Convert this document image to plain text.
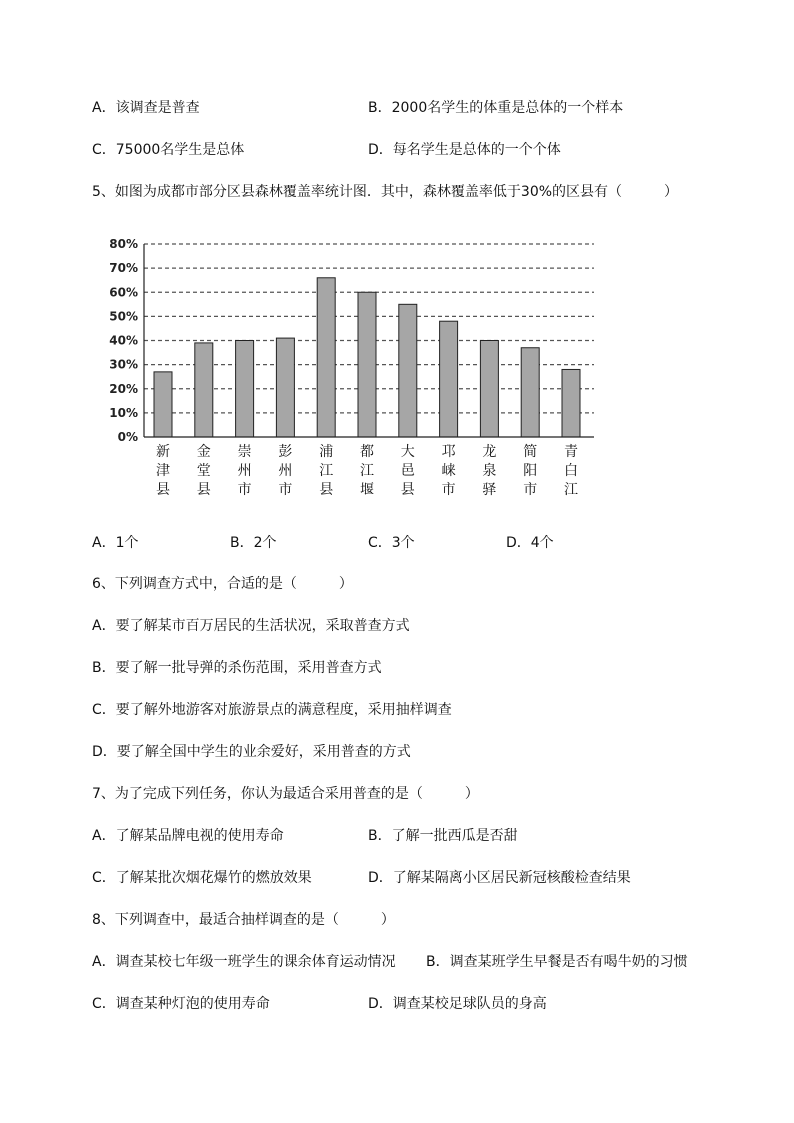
A．该调查是普查	B．2000名学生的体重是总体的一个样本
C．75000名学生是总体	D．每名学生是总体的一个个体
5、如图为成都市部分区县森林覆盖率统计图．其中，森林覆盖率低于30%的区县有（　　　）
0%
10%
20%
30%
40%
50%
60%
70%
80%
新津县
金堂县
崇州市
彭州市
浦江县
都江堰
大邑县
邛崃市
龙泉驿
简阳市
青白江
A．1个	B．2个	C．3个	D．4个
6、下列调查方式中，合适的是（　　　）
A．要了解某市百万居民的生活状况，采取普查方式
B．要了解一批导弹的杀伤范围，采用普查方式
C．要了解外地游客对旅游景点的满意程度，采用抽样调查
D．要了解全国中学生的业余爱好，采用普查的方式
7、为了完成下列任务，你认为最适合采用普查的是（　　　）
A．了解某品牌电视的使用寿命	B．了解一批西瓜是否甜
C．了解某批次烟花爆竹的燃放效果	D．了解某隔离小区居民新冠核酸检查结果
8、下列调查中，最适合抽样调查的是（　　　）
A．调查某校七年级一班学生的课余体育运动情况 B．调查某班学生早餐是否有喝牛奶的习惯
C．调查某种灯泡的使用寿命	D．调查某校足球队员的身高
